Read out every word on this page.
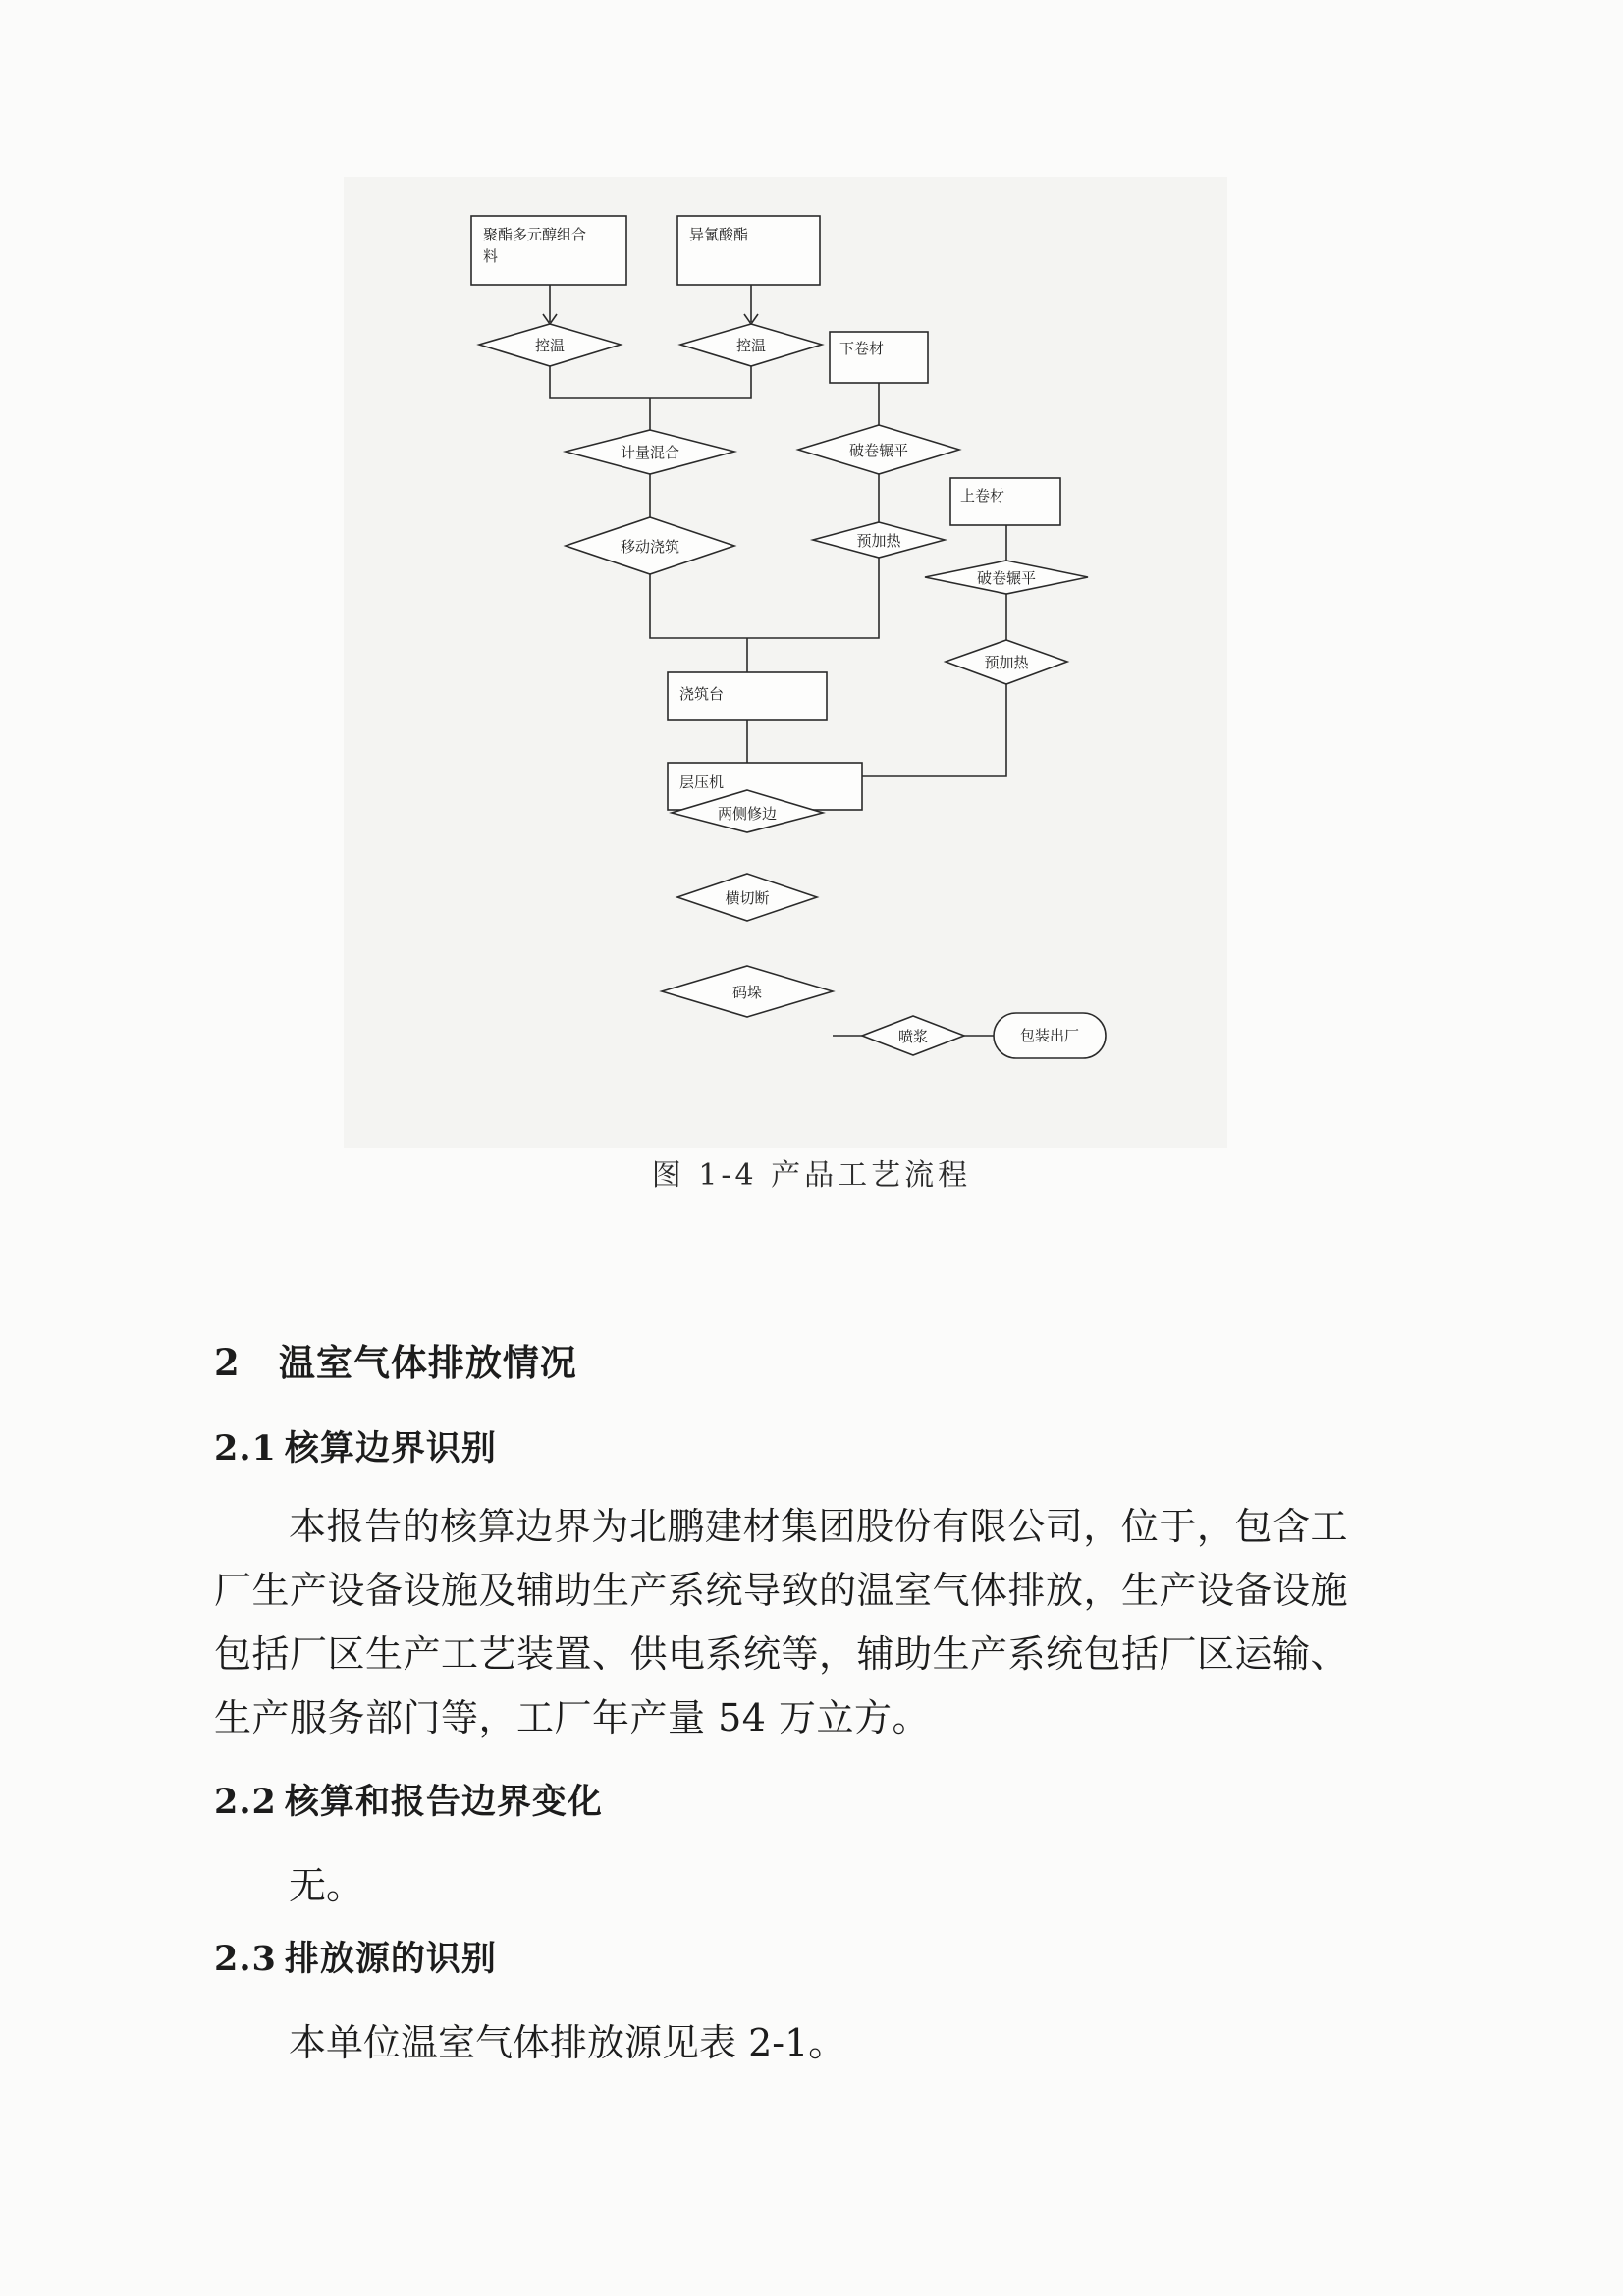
聚酯多元醇组合料
异氰酸酯
下卷材
上卷材
浇筑台
层压机
控温	控温
计量混合	破卷辗平
移动浇筑	预加热
破卷辗平
预加热
两侧修边
横切断
码垛
喷浆	包装出厂
图 1-4 产品工艺流程
2 温室气体排放情况
2.1 核算边界识别

本报告的核算边界为北鹏建材集团股份有限公司，位于，包含工厂生产设备设施及辅助生产系统导致的温室气体排放，生产设备设施包括厂区生产工艺装置、供电系统等，辅助生产系统包括厂区运输、生产服务部门等，工厂年产量 54 万立方。

2.2 核算和报告边界变化

无。

2.3 排放源的识别

本单位温室气体排放源见表 2-1。
